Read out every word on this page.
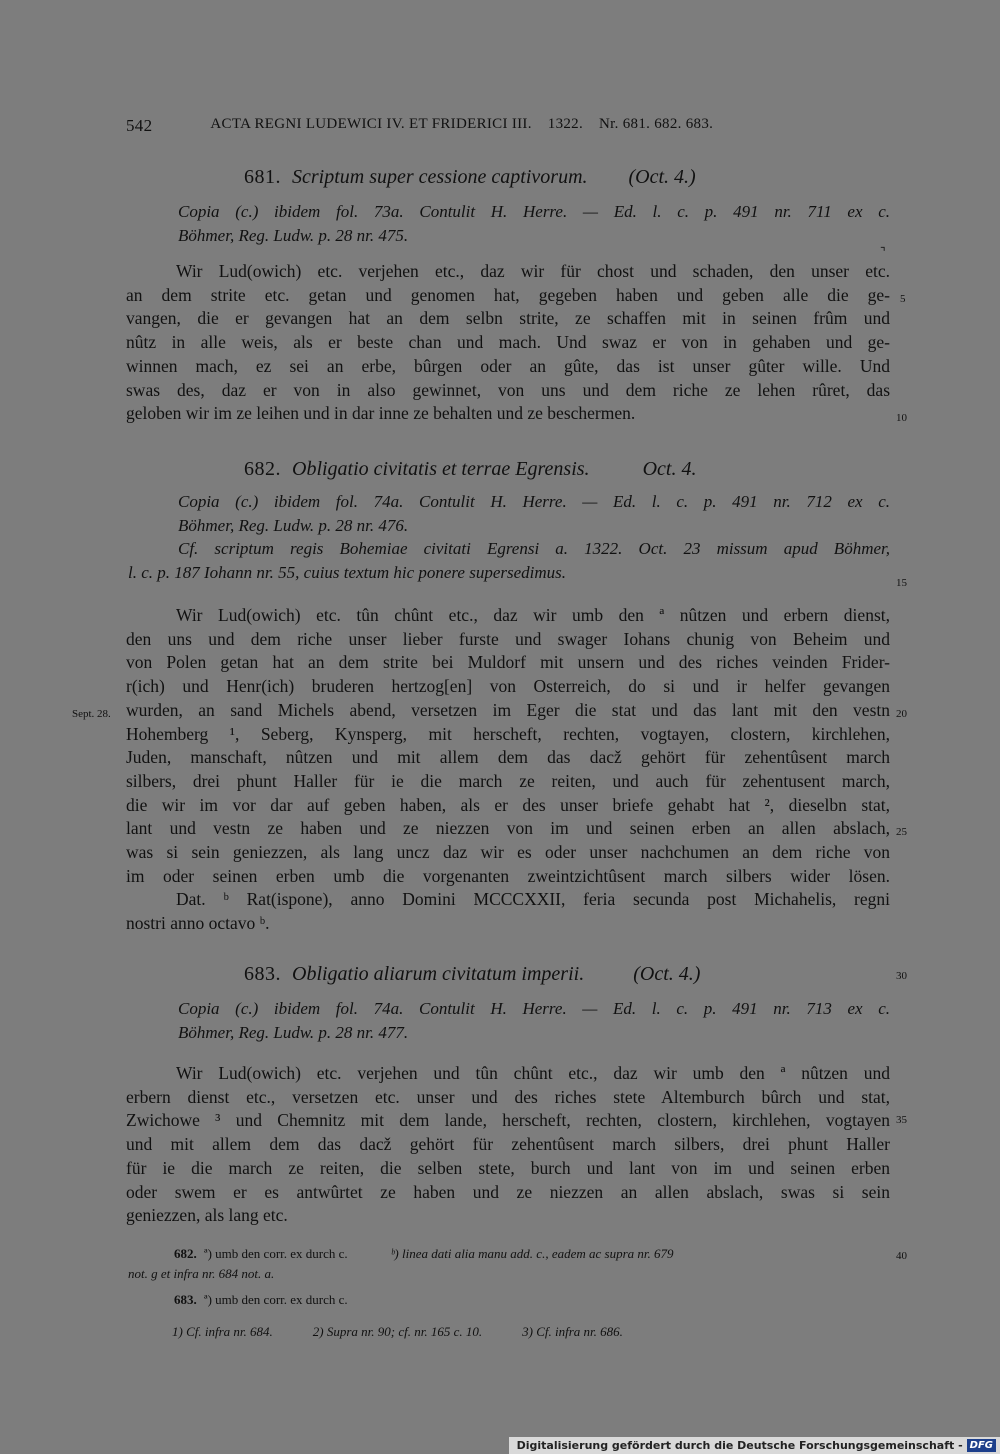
542	ACTA REGNI LUDEWICI IV. ET FRIDERICI III. 1322. Nr. 681. 682. 683.
681. Scriptum super cessione captivorum. (Oct. 4.)
Copia (c.) ibidem fol. 73a. Contulit H. Herre. — Ed. l. c. p. 491 nr. 711 ex c.
Böhmer, Reg. Ludw. p. 28 nr. 475.
⌝
Wir Lud(owich) etc. verjehen etc., daz wir für chost und schaden, den unser etc.
an dem strite etc. getan und genomen hat, gegeben haben und geben alle die ge-
vangen, die er gevangen hat an dem selbn strite, ze schaffen mit in seinen frûm und
nûtz in alle weis, als er beste chan und mach. Und swaz er von in gehaben und ge-
winnen mach, ez sei an erbe, bûrgen oder an gûte, das ist unser gûter wille. Und
swas des, daz er von in also gewinnet, von uns und dem riche ze lehen rûret, das
geloben wir im ze leihen und in dar inne ze behalten und ze beschermen.
682. Obligatio civitatis et terrae Egrensis.	Oct. 4.
Copia (c.) ibidem fol. 74a. Contulit H. Herre. — Ed. l. c. p. 491 nr. 712 ex c.
Böhmer, Reg. Ludw. p. 28 nr. 476.
Cf. scriptum regis Bohemiae civitati Egrensi a. 1322. Oct. 23 missum apud Böhmer,
l. c. p. 187 Iohann nr. 55, cuius textum hic ponere supersedimus.
Wir Lud(owich) etc. tûn chûnt etc., daz wir umb den ª nûtzen und erbern dienst,
den uns und dem riche unser lieber furste und swager Iohans chunig von Beheim und
von Polen getan hat an dem strite bei Muldorf mit unsern und des riches veinden Frider-
r(ich) und Henr(ich) bruderen hertzog[en] von Osterreich, do si und ir helfer gevangen
wurden, an sand Michels abend, versetzen im Eger die stat und das lant mit den vestn
Hohemberg ¹, Seberg, Kynsperg, mit herscheft, rechten, vogtayen, clostern, kirchlehen,
Juden, manschaft, nûtzen und mit allem dem das dacž gehört für zehentûsent march
silbers, drei phunt Haller für ie die march ze reiten, und auch für zehentusent march,
die wir im vor dar auf geben haben, als er des unser briefe gehabt hat ², dieselbn stat,
lant und vestn ze haben und ze niezzen von im und seinen erben an allen abslach,
was si sein geniezzen, als lang uncz daz wir es oder unser nachchumen an dem riche von
im oder seinen erben umb die vorgenanten zweintzichtûsent march silbers wider lösen.
Dat. ᵇ Rat(ispone), anno Domini MCCCXXII, feria secunda post Michahelis, regni
nostri anno octavo ᵇ.
Sept. 28.
683. Obligatio aliarum civitatum imperii. (Oct. 4.)
Copia (c.) ibidem fol. 74a. Contulit H. Herre. — Ed. l. c. p. 491 nr. 713 ex c.
Böhmer, Reg. Ludw. p. 28 nr. 477.
Wir Lud(owich) etc. verjehen und tûn chûnt etc., daz wir umb den ª nûtzen und
erbern dienst etc., versetzen etc. unser und des riches stete Altemburch bûrch und stat,
Zwichowe ³ und Chemnitz mit dem lande, herscheft, rechten, clostern, kirchlehen, vogtayen
und mit allem dem das dacž gehört für zehentûsent march silbers, drei phunt Haller
für ie die march ze reiten, die selben stete, burch und lant von im und seinen erben
oder swem er es antwûrtet ze haben und ze niezzen an allen abslach, swas si sein
geniezzen, als lang etc.
5
10
15
20
25
30
35
40
682. ª) umb den corr. ex durch c.	ᵇ) linea dati alia manu add. c., eadem ac supra nr. 679
not. g et infra nr. 684 not. a.
683. ª) umb den corr. ex durch c.
1) Cf. infra nr. 684.	2) Supra nr. 90; cf. nr. 165 c. 10.	3) Cf. infra nr. 686.
Digitalisierung gefördert durch die Deutsche Forschungsgemeinschaft - DFG
